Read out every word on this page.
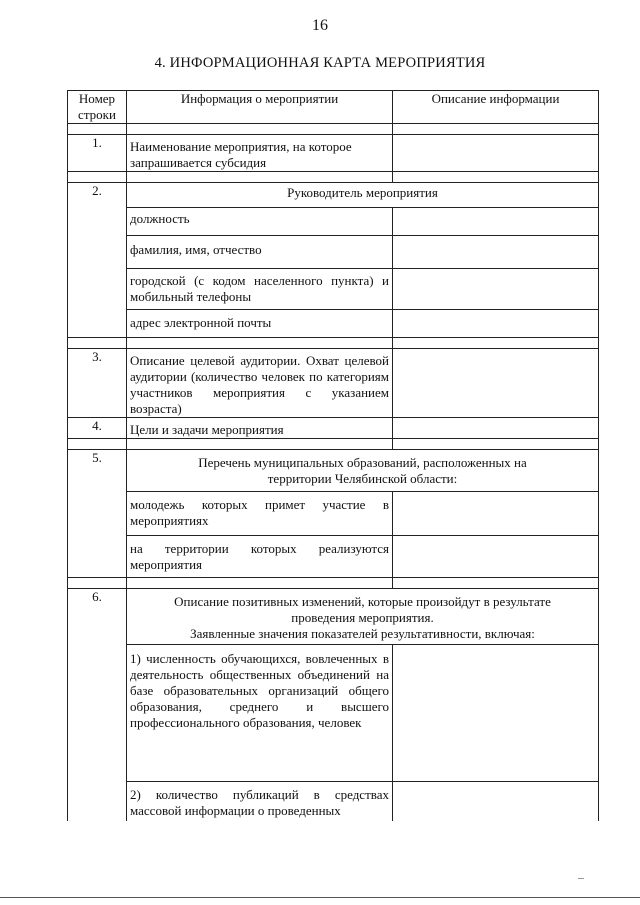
16
4. ИНФОРМАЦИОННАЯ КАРТА МЕРОПРИЯТИЯ
Номер
строки	Информация о мероприятии	Описание информации

1.	Наименование мероприятия, на которое
запрашивается субсидия	

2.	Руководитель мероприятия	
	должность	
	фамилия, имя, отчество	
	городской (с кодом населенного пункта) и мобильный телефоны	
	адрес электронной почты	

3.	Описание целевой аудитории. Охват целевой аудитории (количество человек по категориям участников мероприятия с указанием возраста)	
4.	Цели и задачи мероприятия	

5.	Перечень муниципальных образований, расположенных на
территории Челябинской области:	
	молодежь которых примет участие в мероприятиях	
	на территории которых реализуются мероприятия	

6.	Описание позитивных изменений, которые произойдут в результате
проведения мероприятия.
Заявленные значения показателей результативности, включая:	
	1) численность обучающихся, вовлеченных в деятельность общественных объединений на базе образовательных организаций общего образования, среднего и высшего профессионального образования, человек	
	2) количество публикаций в средствах массовой информации о проведенных	
